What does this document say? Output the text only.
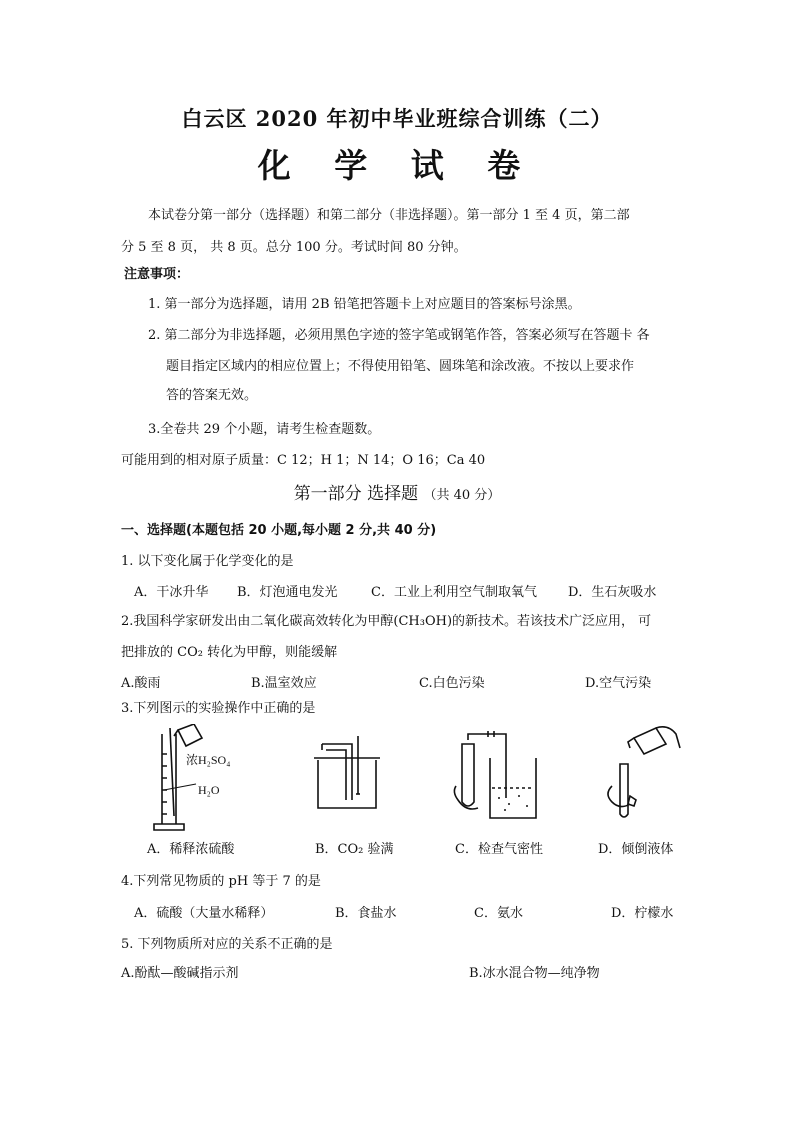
白云区 2020 年初中毕业班综合训练（二）
化 学 试 卷
本试卷分第一部分（选择题）和第二部分（非选择题）。第一部分 1 至 4 页，第二部
分 5 至 8 页， 共 8 页。总分 100 分。考试时间 80 分钟。
注意事项：
1. 第一部分为选择题，请用 2B 铅笔把答题卡上对应题目的答案标号涂黑。
2. 第二部分为非选择题，必须用黑色字迹的签字笔或钢笔作答，答案必须写在答题卡 各
题目指定区域内的相应位置上；不得使用铅笔、圆珠笔和涂改液。不按以上要求作
答的答案无效。
3.全卷共 29 个小题，请考生检查题数。
可能用到的相对原子质量：C 12；H 1；N 14；O 16；Ca 40
第一部分 选择题 （共 40 分）
一、选择题(本题包括 20 小题,每小题 2 分,共 40 分)
1. 以下变化属于化学变化的是
A．干冰升华 B．灯泡通电发光	C．工业上利用空气制取氧气 D．生石灰吸水
2.我国科学家研发出由二氧化碳高效转化为甲醇(CH₃OH)的新技术。若该技术广泛应用， 可
把排放的 CO₂ 转化为甲醇，则能缓解
A.酸雨	B.温室效应	C.白色污染	D.空气污染
3.下列图示的实验操作中正确的是
浓H₂SO₄
H₂O
A．稀释浓硫酸	B．CO₂ 验满	C．检查气密性	D．倾倒液体
4.下列常见物质的 pH 等于 7 的是
A．硫酸（大量水稀释）	B．食盐水	C．氨水	D．柠檬水
5. 下列物质所对应的关系不正确的是
A.酚酞—酸碱指示剂	B.冰水混合物—纯净物
